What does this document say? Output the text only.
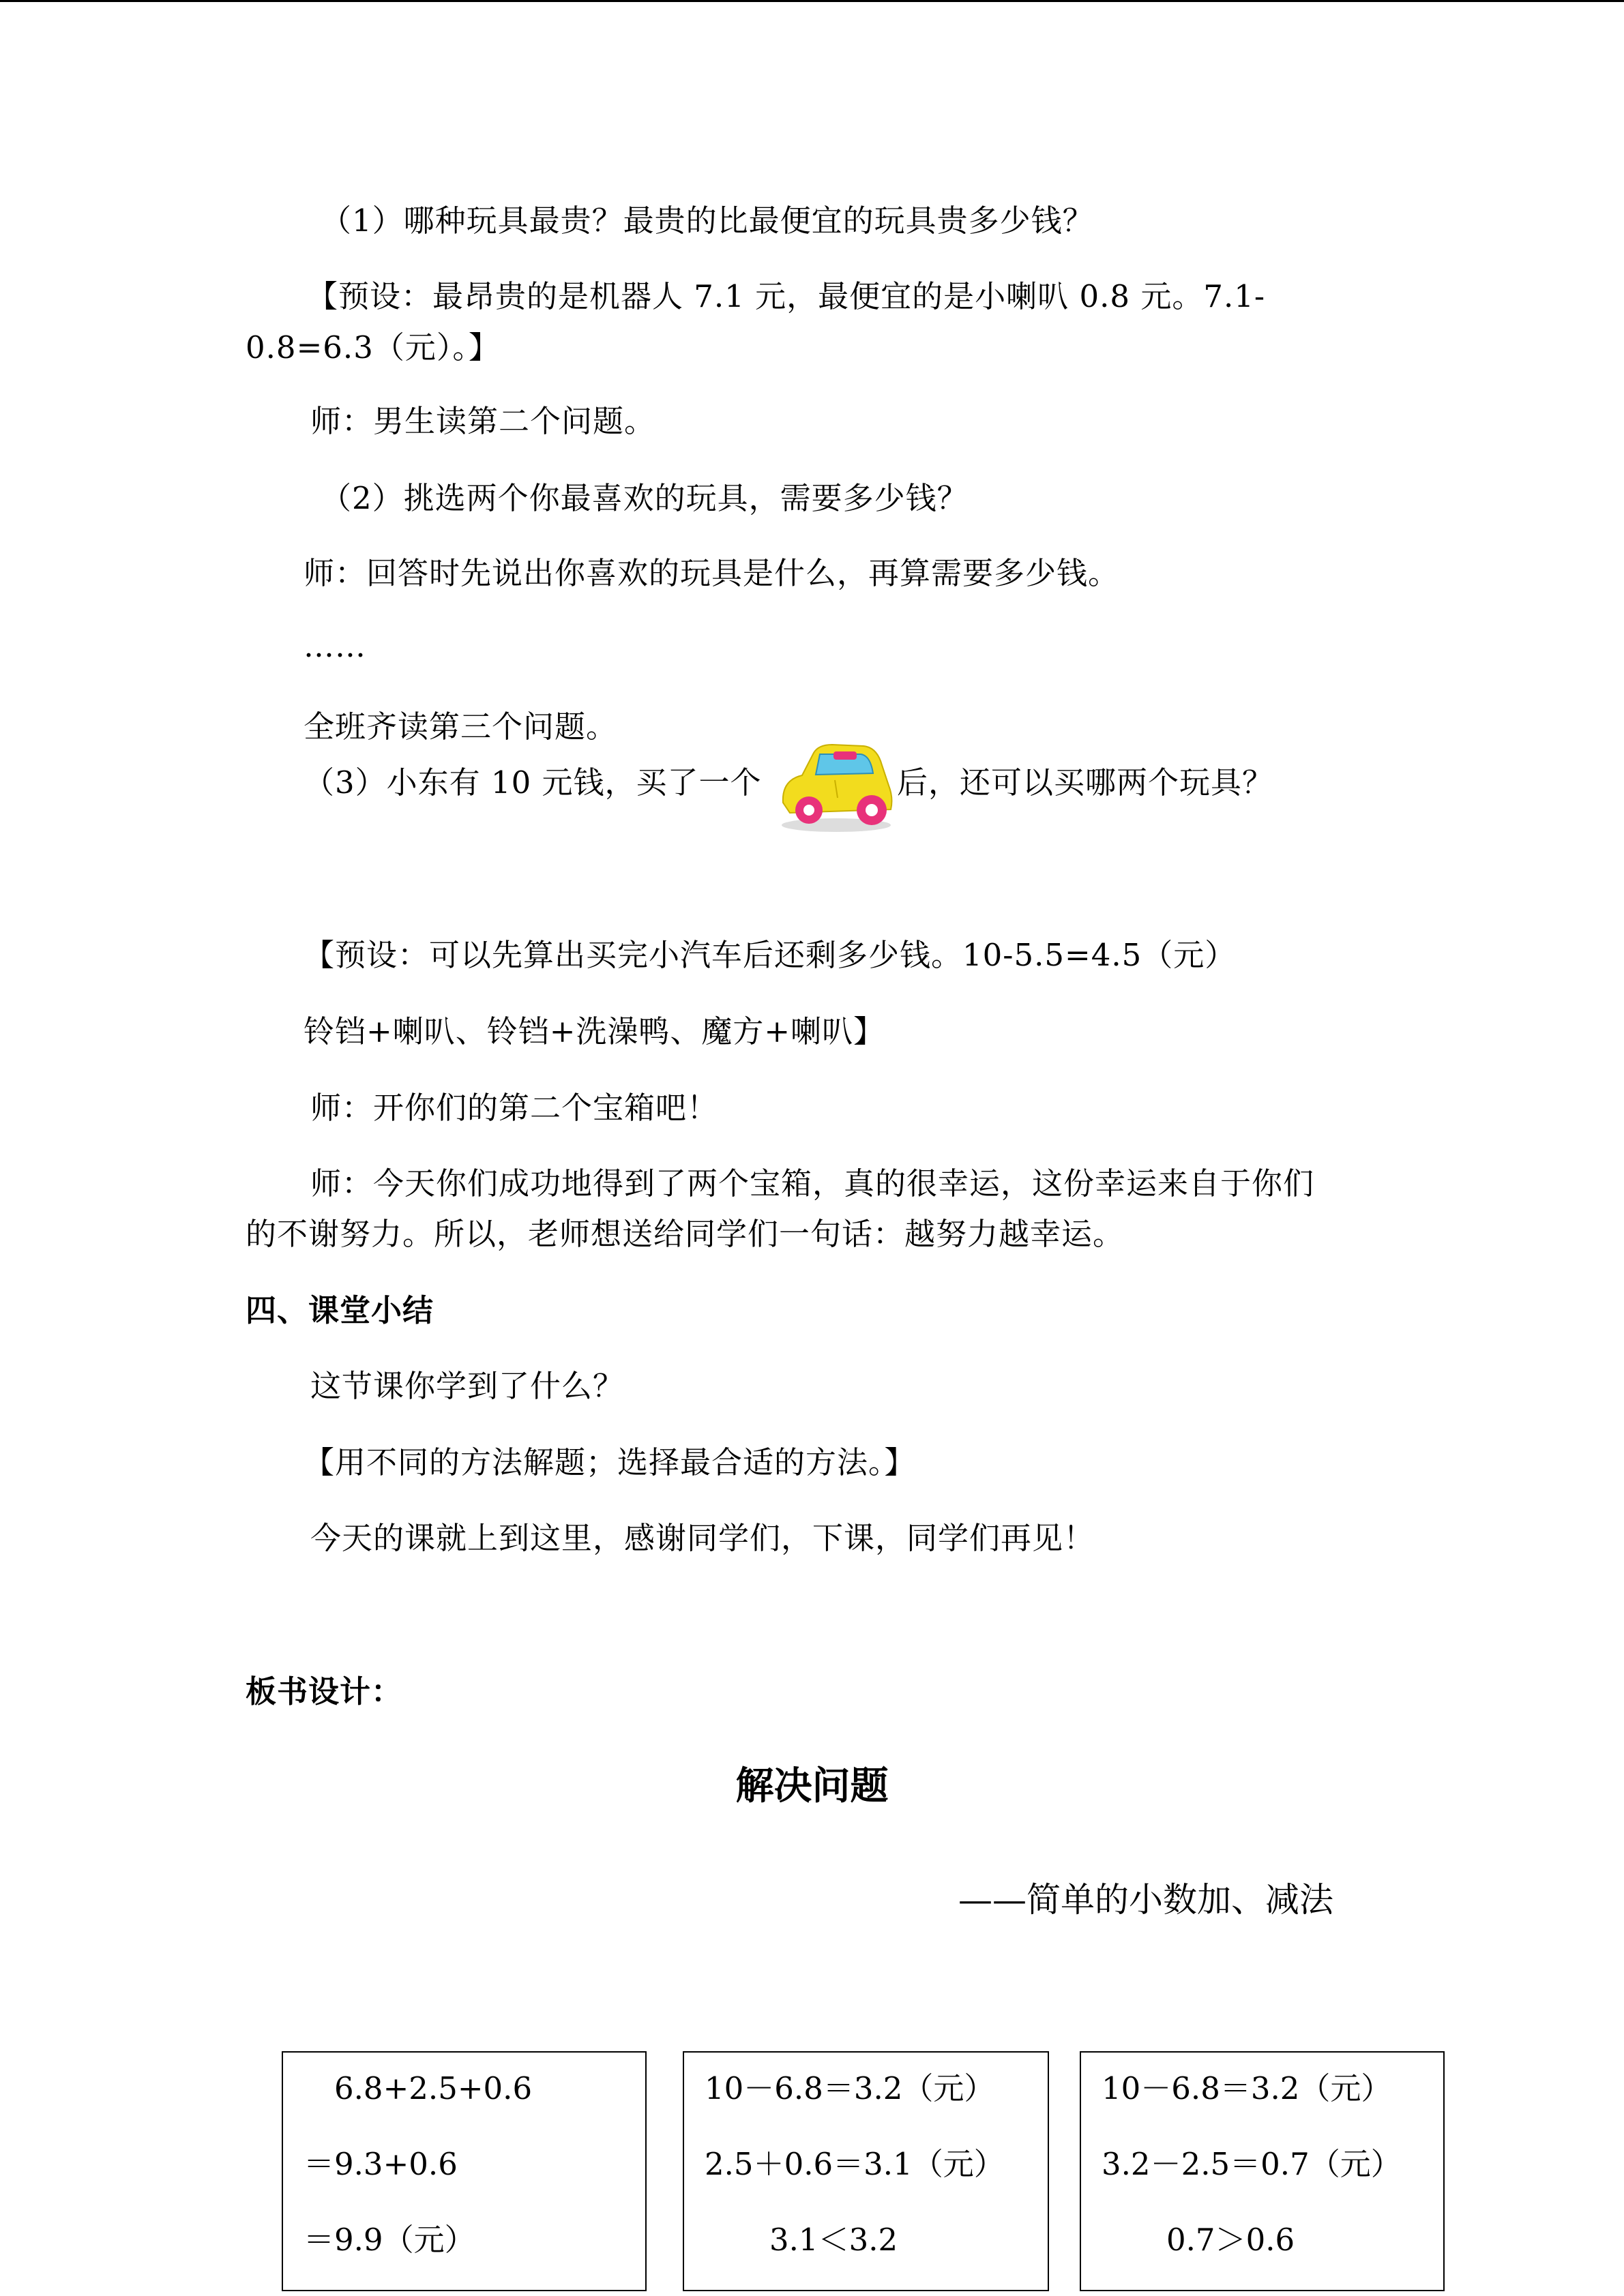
（1）哪种玩具最贵？最贵的比最便宜的玩具贵多少钱？
【预设：最昂贵的是机器人 7.1 元，最便宜的是小喇叭 0.8 元。7.1-
0.8=6.3（元）。】
师：男生读第二个问题。
（2）挑选两个你最喜欢的玩具，需要多少钱？
师：回答时先说出你喜欢的玩具是什么，再算需要多少钱。
……
全班齐读第三个问题。
（3）小东有 10 元钱，买了一个	后，还可以买哪两个玩具？
【预设：可以先算出买完小汽车后还剩多少钱。10-5.5=4.5（元）
铃铛+喇叭、铃铛+洗澡鸭、魔方+喇叭】
师：开你们的第二个宝箱吧！
师：今天你们成功地得到了两个宝箱，真的很幸运，这份幸运来自于你们
的不谢努力。所以，老师想送给同学们一句话：越努力越幸运。
四、课堂小结
这节课你学到了什么？
【用不同的方法解题；选择最合适的方法。】
今天的课就上到这里，感谢同学们，下课，同学们再见！
板书设计：
解决问题
——简单的小数加、减法
6.8+2.5+0.6
＝9.3+0.6
＝9.9（元）
10－6.8＝3.2（元）
2.5＋0.6＝3.1（元）
3.1＜3.2
10－6.8＝3.2（元）
3.2－2.5＝0.7（元）
0.7＞0.6
